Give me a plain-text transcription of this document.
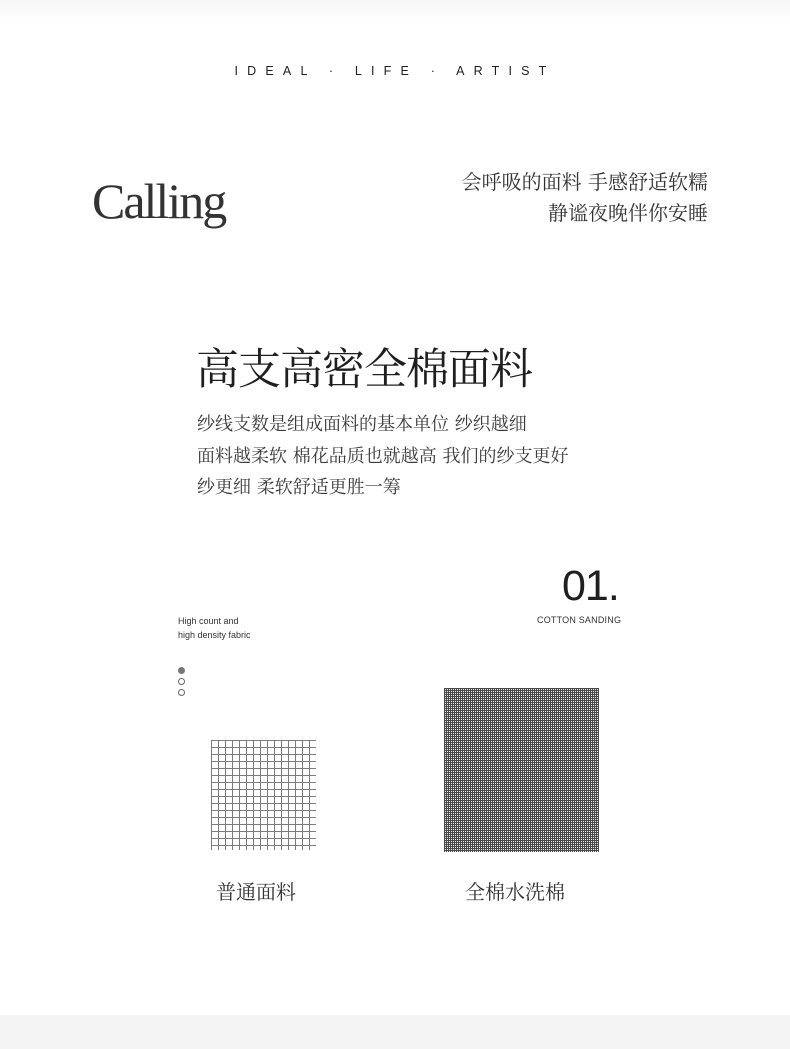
IDEAL · LIFE · ARTIST
Calling	会呼吸的面料 手感舒适软糯
静谧夜晚伴你安睡
高支高密全棉面料
纱线支数是组成面料的基本单位 纱织越细
面料越柔软 棉花品质也就越高 我们的纱支更好
纱更细 柔软舒适更胜一筹
01.
COTTON SANDING
High count and
high density fabric
普通面料	全棉水洗棉
